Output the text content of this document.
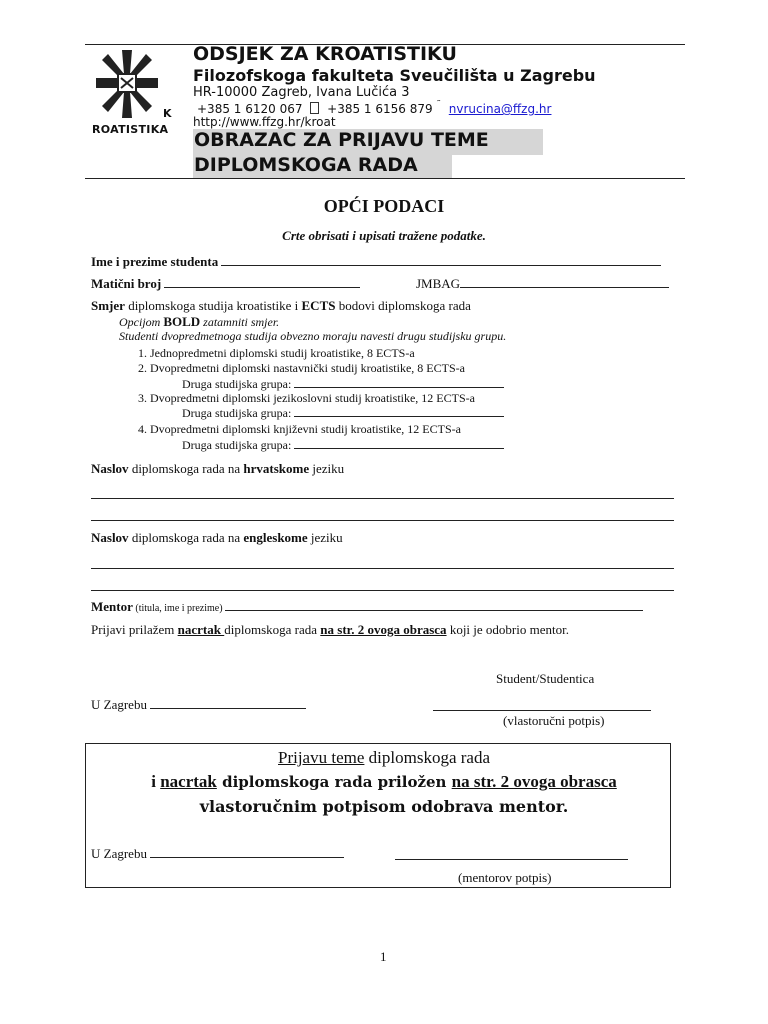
K
ROATISTIKA
ODSJEK ZA KROATISTIKU
Filozofskoga fakulteta Sveučilišta u Zagrebu
HR-10000 Zagreb, Ivana Lučića 3
+385 1 6120 067 +385 1 6156 879 ˜ nvrucina@ffzg.hr
http://www.ffzg.hr/kroat
OBRAZAC ZA PRIJAVU TEME
DIPLOMSKOGA RADA
OPĆI PODACI
Crte obrisati i upisati tražene podatke.
Ime i prezime studenta
Matični broj	JMBAG
Smjer diplomskoga studija kroatistike i ECTS bodovi diplomskoga rada
Opcijom BOLD zatamniti smjer.
Studenti dvopredmetnoga studija obvezno moraju navesti drugu studijsku grupu.
1. Jednopredmetni diplomski studij kroatistike, 8 ECTS-a
2. Dvopredmetni diplomski nastavnički studij kroatistike, 8 ECTS-a
Druga studijska grupa:
3. Dvopredmetni diplomski jezikoslovni studij kroatistike, 12 ECTS-a
Druga studijska grupa:
4. Dvopredmetni diplomski književni studij kroatistike, 12 ECTS-a
Druga studijska grupa:
Naslov diplomskoga rada na hrvatskome jeziku
Naslov diplomskoga rada na engleskome jeziku
Mentor (titula, ime i prezime)
Prijavi prilažem nacrtak diplomskoga rada na str. 2 ovoga obrasca koji je odobrio mentor.
Student/Studentica
U Zagrebu
(vlastoručni potpis)
Prijavu teme diplomskoga rada
i nacrtak diplomskoga rada priložen na str. 2 ovoga obrasca
vlastoručnim potpisom odobrava mentor.
U Zagrebu
(mentorov potpis)
1
